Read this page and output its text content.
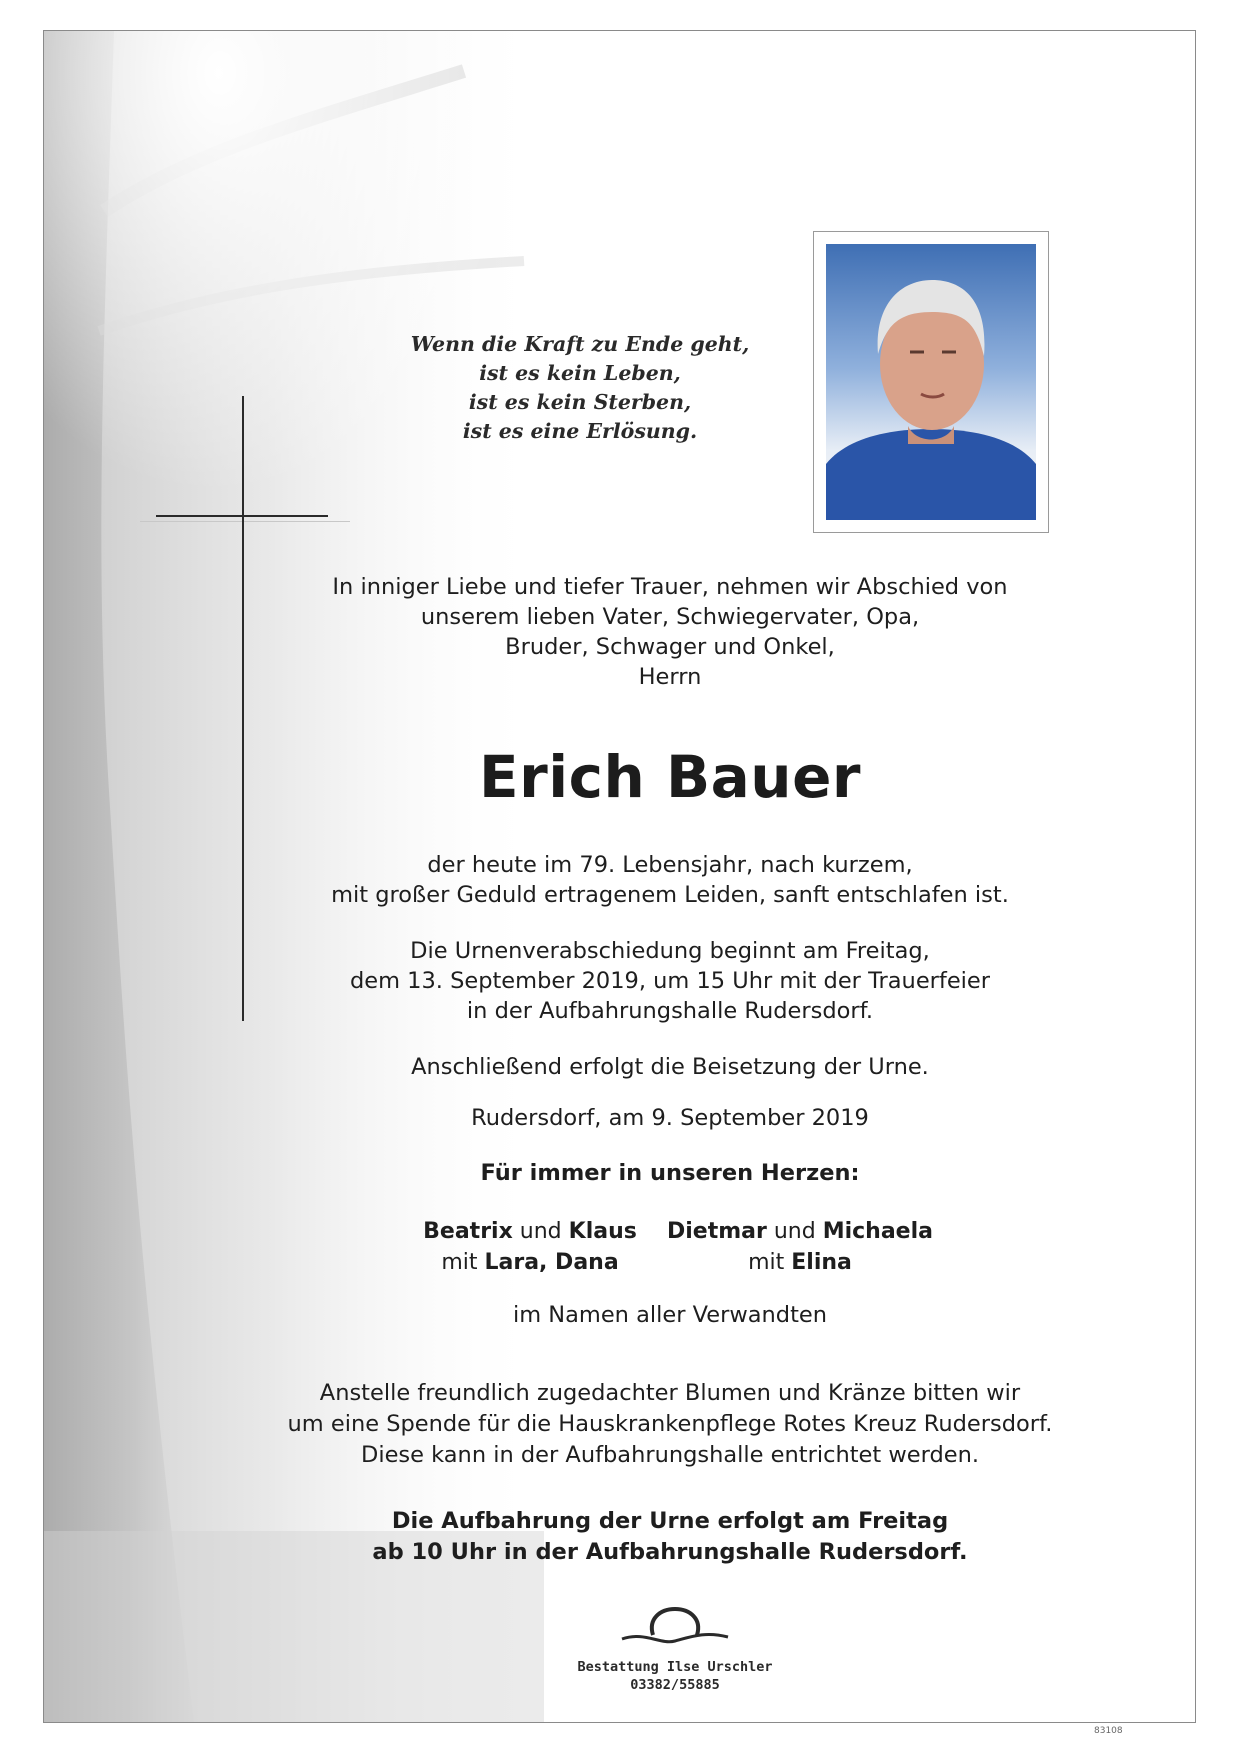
Wenn die Kraft zu Ende geht,
ist es kein Leben,
ist es kein Sterben,
ist es eine Erlösung.
In inniger Liebe und tiefer Trauer, nehmen wir Abschied von
unserem lieben Vater, Schwiegervater, Opa,
Bruder, Schwager und Onkel,
Herrn
Erich Bauer
der heute im 79. Lebensjahr, nach kurzem,
mit großer Geduld ertragenem Leiden, sanft entschlafen ist.
Die Urnenverabschiedung beginnt am Freitag,
dem 13. September 2019, um 15 Uhr mit der Trauerfeier
in der Aufbahrungshalle Rudersdorf.
Anschließend erfolgt die Beisetzung der Urne.
Rudersdorf, am 9. September 2019
Für immer in unseren Herzen:
Beatrix und Klaus
mit Lara, Dana
Dietmar und Michaela
mit Elina
im Namen aller Verwandten
Anstelle freundlich zugedachter Blumen und Kränze bitten wir
um eine Spende für die Hauskrankenpflege Rotes Kreuz Rudersdorf.
Diese kann in der Aufbahrungshalle entrichtet werden.
Die Aufbahrung der Urne erfolgt am Freitag
ab 10 Uhr in der Aufbahrungshalle Rudersdorf.
Bestattung Ilse Urschler
03382/55885
83108
